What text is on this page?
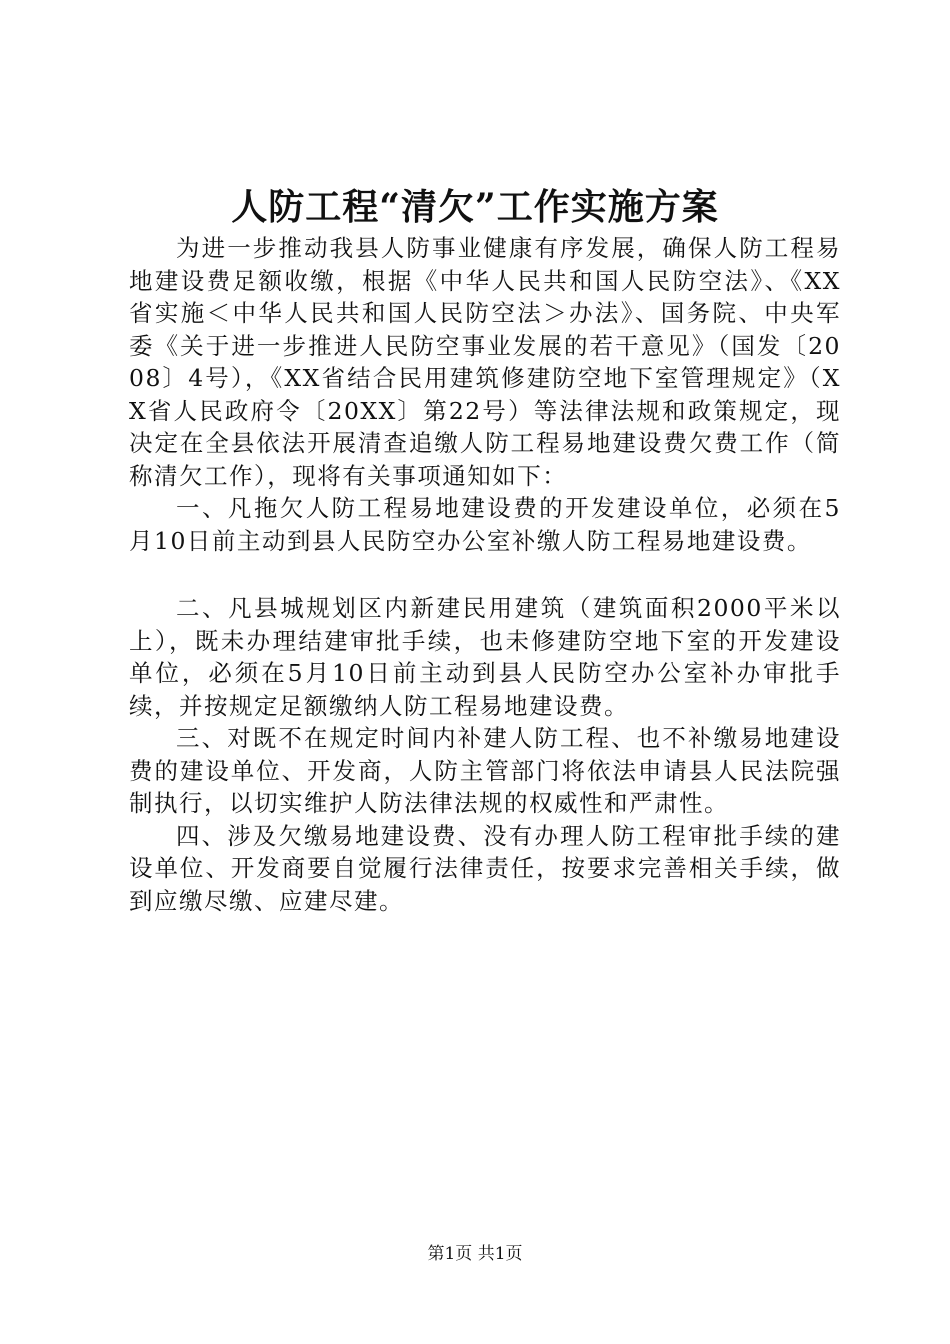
人防工程“清欠”工作实施方案

为进一步推动我县人防事业健康有序发展，确保人防工程易地建设费足额收缴，根据《中华人民共和国人民防空法》、《XX省实施＜中华人民共和国人民防空法＞办法》、国务院、中央军委《关于进一步推进人民防空事业发展的若干意见》（国发〔2008〕4号），《XX省结合民用建筑修建防空地下室管理规定》（XX省人民政府令〔20XX〕第22号）等法律法规和政策规定，现决定在全县依法开展清查追缴人防工程易地建设费欠费工作（简称清欠工作），现将有关事项通知如下：

一、凡拖欠人防工程易地建设费的开发建设单位，必须在5月10日前主动到县人民防空办公室补缴人防工程易地建设费。

二、凡县城规划区内新建民用建筑（建筑面积2000平米以上），既未办理结建审批手续，也未修建防空地下室的开发建设单位，必须在5月10日前主动到县人民防空办公室补办审批手续，并按规定足额缴纳人防工程易地建设费。

三、对既不在规定时间内补建人防工程、也不补缴易地建设费的建设单位、开发商，人防主管部门将依法申请县人民法院强制执行，以切实维护人防法律法规的权威性和严肃性。

四、涉及欠缴易地建设费、没有办理人防工程审批手续的建设单位、开发商要自觉履行法律责任，按要求完善相关手续，做到应缴尽缴、应建尽建。

第1页 共1页
